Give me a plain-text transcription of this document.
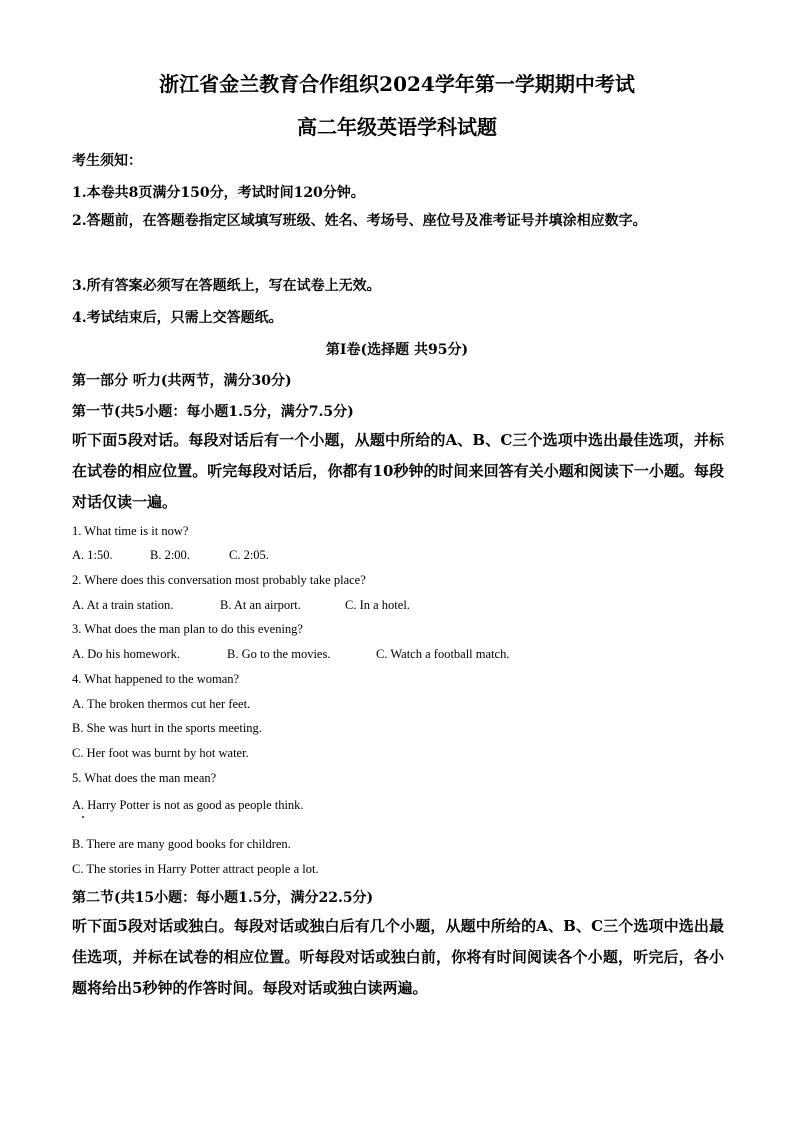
浙江省金兰教育合作组织2024学年第一学期期中考试
高二年级英语学科试题
考生须知：
1.本卷共8页满分150分，考试时间120分钟。
2.答题前，在答题卷指定区域填写班级、姓名、考场号、座位号及准考证号并填涂相应数字。
3.所有答案必须写在答题纸上，写在试卷上无效。
4.考试结束后，只需上交答题纸。
第Ⅰ卷(选择题 共95分)
第一部分 听力(共两节，满分30分)
第一节(共5小题：每小题1.5分，满分7.5分)
听下面5段对话。每段对话后有一个小题，从题中所给的A、B、C三个选项中选出最佳选项，并标在试卷的相应位置。听完每段对话后，你都有10秒钟的时间来回答有关小题和阅读下一小题。每段对话仅读一遍。
1. What time is it now?
A. 1:50.	B. 2:00.	C. 2:05.
2. Where does this conversation most probably take place?
A. At a train station.	B. At an airport.	C. In a hotel.
3. What does the man plan to do this evening?
A. Do his homework.	B. Go to the movies.	C. Watch a football match.
4. What happened to the woman?
A. The broken thermos cut her feet.
B. She was hurt in the sports meeting.
C. Her foot was burnt by hot water.
5. What does the man mean?
A. Harry Potter is not as good as people think.
B. There are many good books for children.
C. The stories in Harry Potter attract people a lot.
第二节(共15小题：每小题1.5分，满分22.5分)
听下面5段对话或独白。每段对话或独白后有几个小题，从题中所给的A、B、C三个选项中选出最佳选项，并标在试卷的相应位置。听每段对话或独白前，你将有时间阅读各个小题，听完后，各小题将给出5秒钟的作答时间。每段对话或独白读两遍。
